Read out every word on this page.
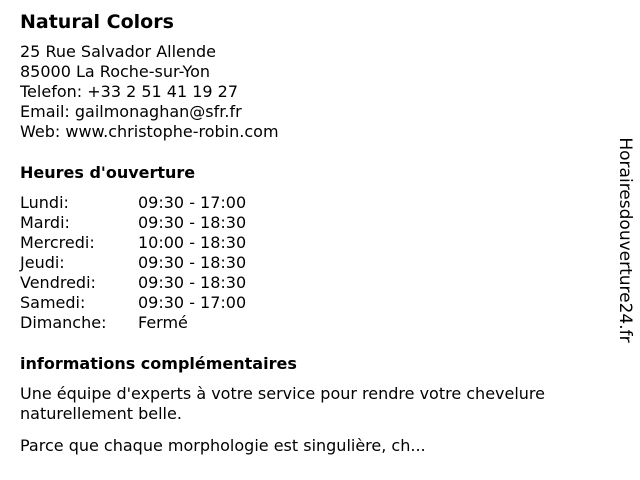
Natural Colors
25 Rue Salvador Allende
85000 La Roche-sur-Yon
Telefon: +33 2 51 41 19 27
Email: gailmonaghan@sfr.fr
Web: www.christophe-robin.com
Heures d'ouverture
Lundi:	09:30 - 17:00
Mardi:	09:30 - 18:30
Mercredi:	10:00 - 18:30
Jeudi:	09:30 - 18:30
Vendredi:	09:30 - 18:30
Samedi:	09:30 - 17:00
Dimanche: Fermé
informations complémentaires
Une équipe d'experts à votre service pour rendre votre chevelure naturellement belle.
Parce que chaque morphologie est singulière, ch...
Horairesdouverture24.fr
